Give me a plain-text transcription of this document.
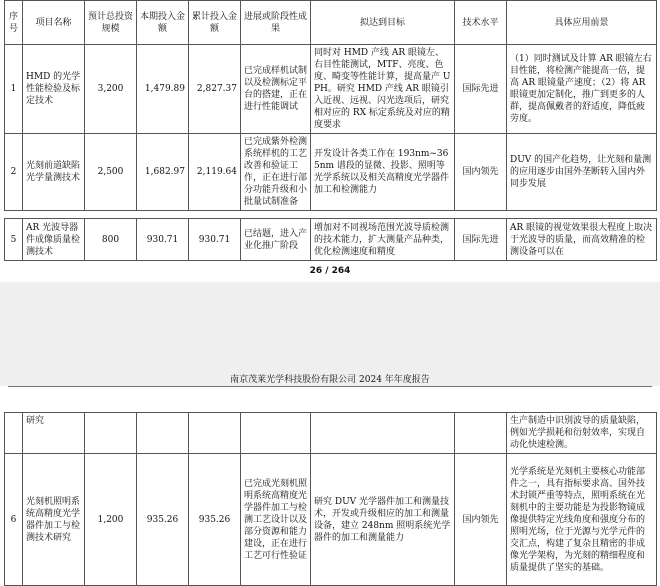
序号	项目名称	预计总投资规模	本期投入金额	累计投入金额	进展或阶段性成果	拟达到目标	技术水平	具体应用前景
1	HMD 的光学性能检验及标定技术	3,200	1,479.89	2,827.37	已完成样机试制以及检测标定平台的搭建，正在进行性能调试	同时对 HMD 产线 AR 眼镜左、右目性能测试，MTF、亮度、色度、畸变等性能计算，提高量产 UPH。研究 HMD 产线 AR 眼镜引入近视、远视、闪光选项后，研究相对应的 RX 标定系统及对应的精度要求	国际先进	（1）同时测试及计算 AR 眼镜左右目性能，将检测产能提高一倍，提高 AR 眼镜量产速度；（2）将 AR 眼镜更加定制化，推广到更多的人群，提高佩戴者的舒适度，降低疲劳度。
2	光刻前道缺陷光学量测技术	2,500	1,682.97	2,119.64	已完成紫外检测系统样机的工艺改善和验证工作，正在进行部分功能升级和小批量试制准备	开发设计各类工作在 193nm~365nm 谱段的显微、投影、照明等光学系统以及相关高精度光学器件加工和检测能力	国内领先	DUV 的国产化趋势，让光刻和量测的应用逐步由国外垄断转入国内外同步发展
5	AR 光波导器件成像质量检测技术	800	930.71	930.71	已结题，进入产业化推广阶段	增加对不同视场范围光波导质检测的技术能力，扩大测量产品种类，优化检测速度和精度	国际先进	AR 眼镜的视觉效果很大程度上取决于光波导的质量，而高效精准的检测设备可以在
26 / 264
南京茂莱光学科技股份有限公司 2024 年年度报告
	研究							生产制造中识别波导的质量缺陷，例如光学损耗和衍射效率，实现自动化快速检测。
6	光刻机照明系统高精度光学器件加工与检测技术研究	1,200	935.26	935.26	已完成光刻机照明系统高精度光学器件加工与检测工艺设计以及部分资源和能力建设，正在进行工艺可行性验证	研究 DUV 光学器件加工和测量技术，开发或升级相应的加工和测量设备，建立 248nm 照明系统光学器件的加工和测量能力	国内领先	光学系统是光刻机主要核心功能部件之一，具有指标要求高、国外技术封锁严重等特点，照明系统在光刻机中的主要功能是为投影物镜成像提供特定光线角度和强度分布的照明光场，位于光源与光学元件的交汇点，构建了复杂且精密的非成像光学架构，为光刻的精细程度和质量提供了坚实的基础。
